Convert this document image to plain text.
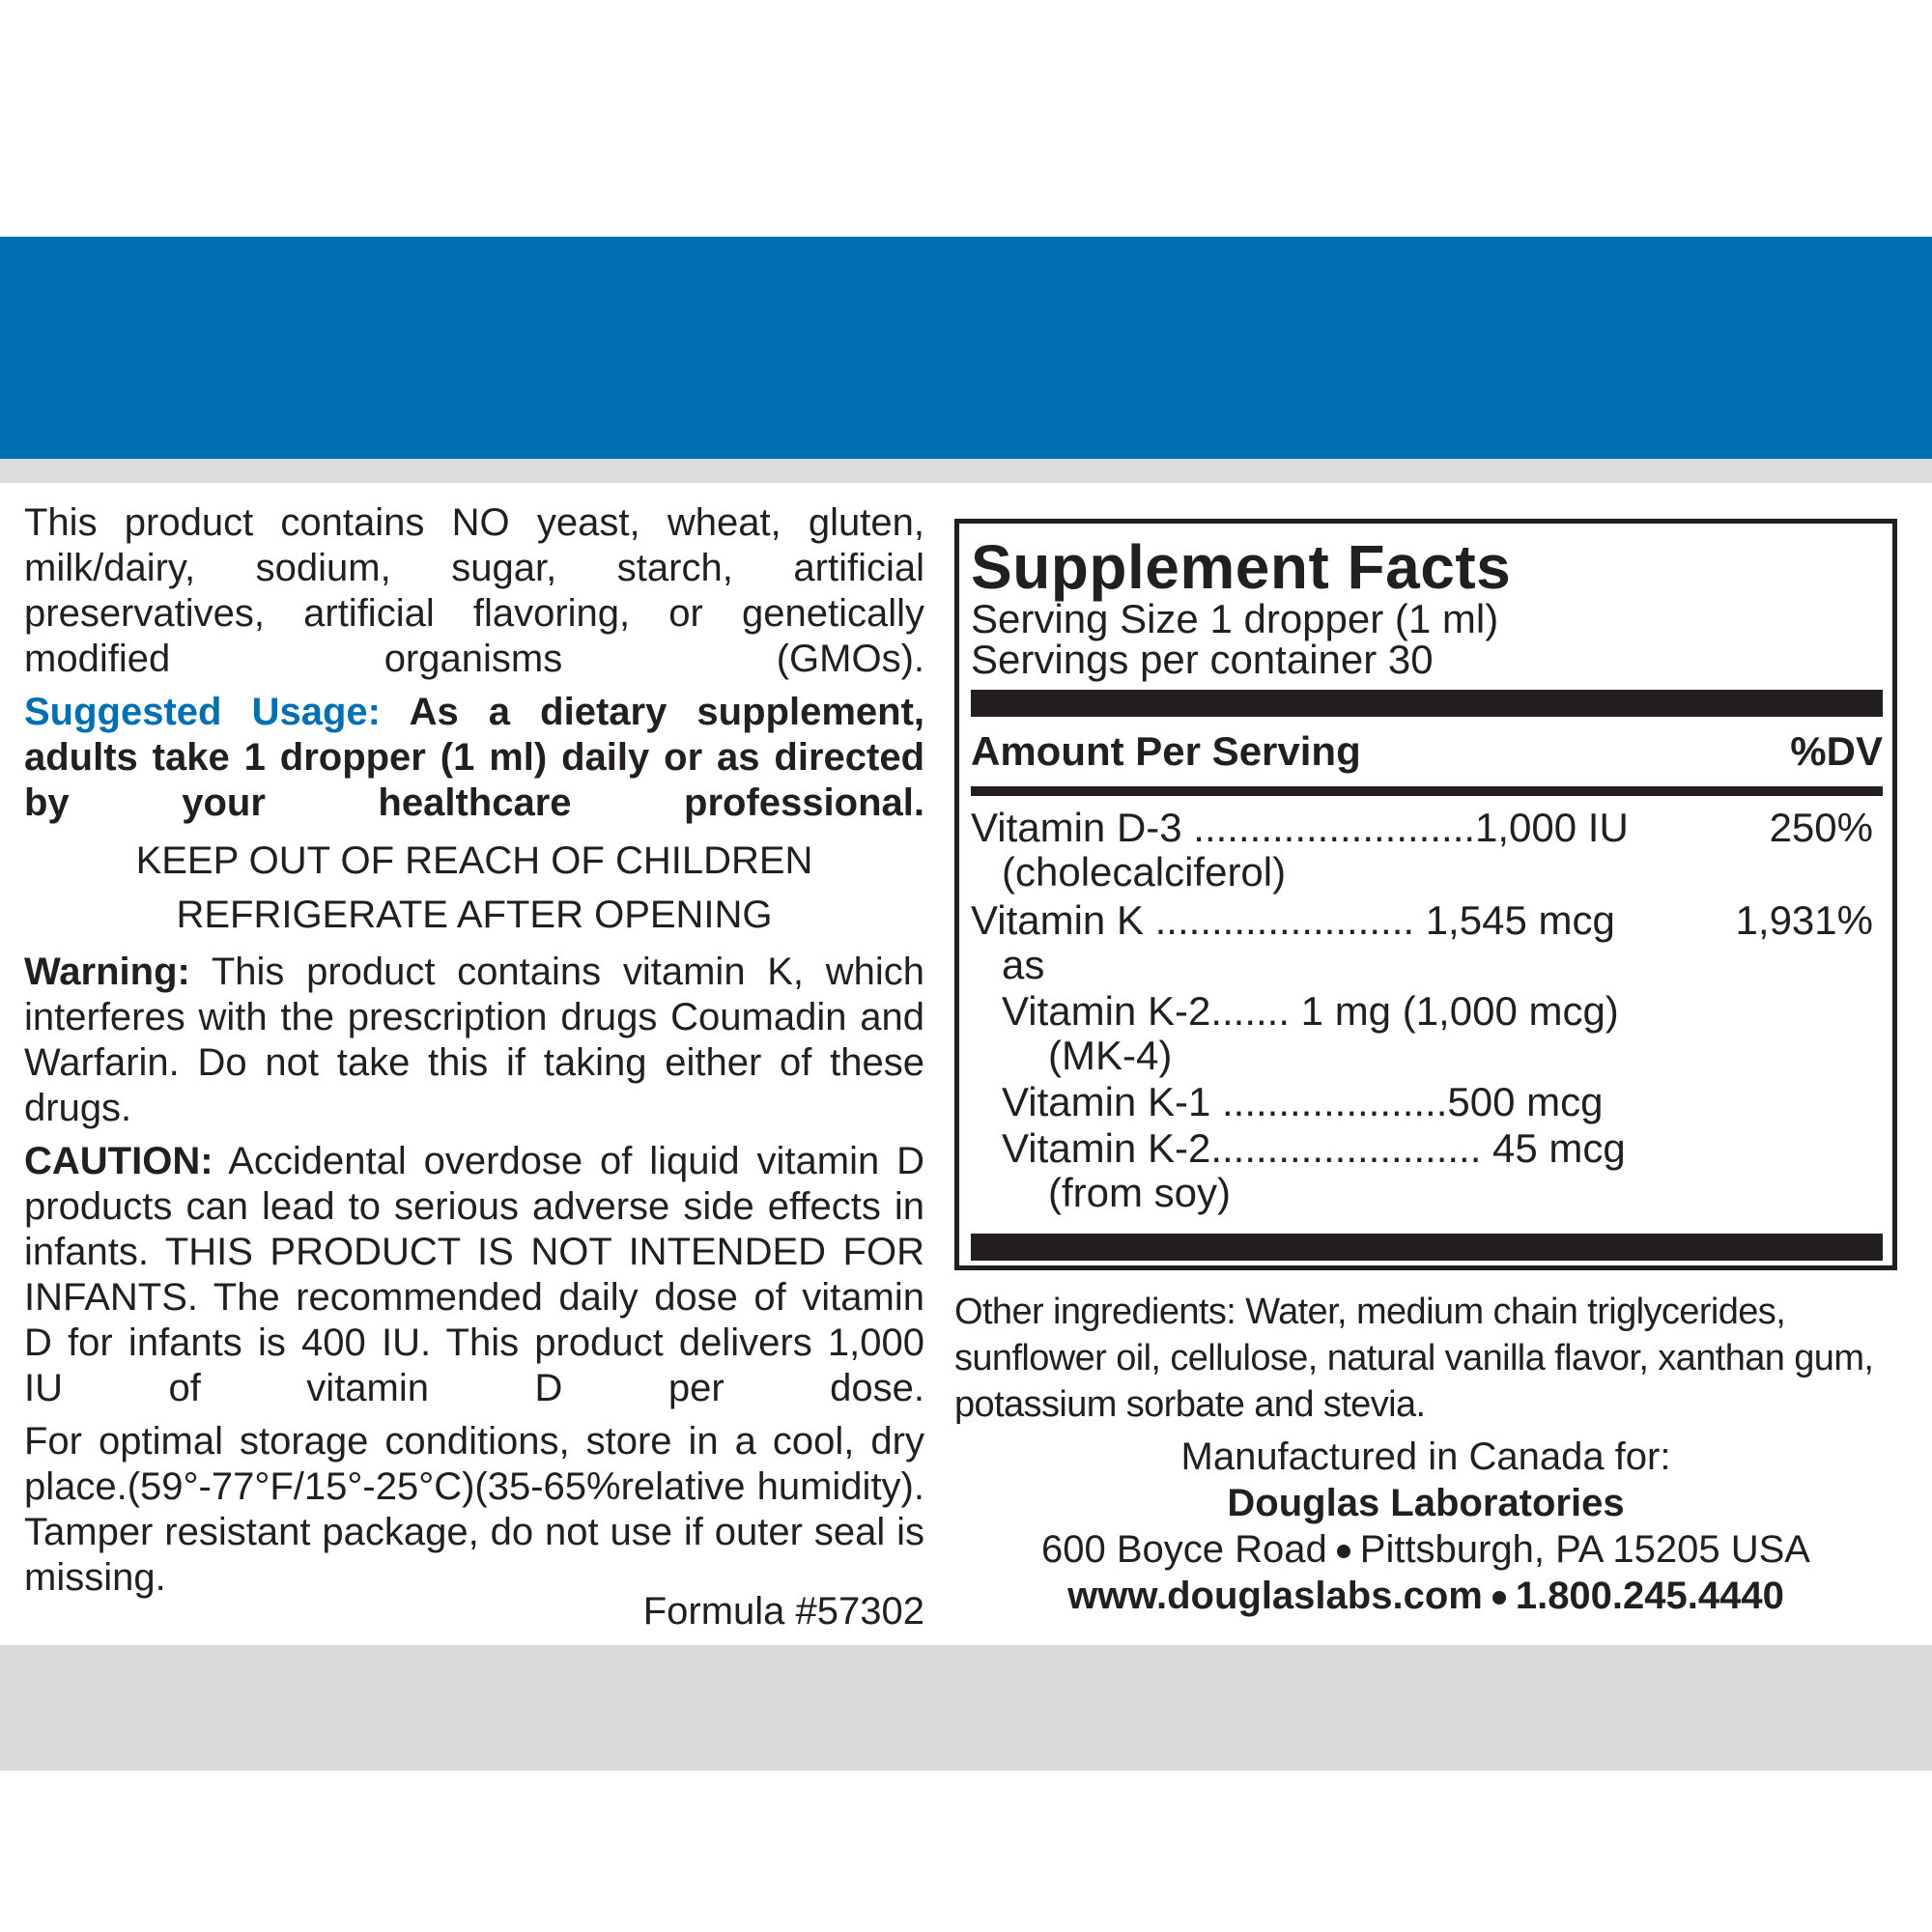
This product contains NO yeast, wheat, gluten, milk/dairy, sodium, sugar, starch, artificial preservatives, artificial flavoring, or genetically modified organisms (GMOs).

Suggested Usage: As a dietary supplement, adults take 1 dropper (1 ml) daily or as directed by your healthcare professional.

KEEP OUT OF REACH OF CHILDREN

REFRIGERATE AFTER OPENING

Warning: This product contains vitamin K, which interferes with the prescription drugs Coumadin and Warfarin. Do not take this if taking either of these drugs.

CAUTION: Accidental overdose of liquid vitamin D products can lead to serious adverse side effects in infants. THIS PRODUCT IS NOT INTENDED FOR INFANTS. The recommended daily dose of vitamin D for infants is 400 IU. This product delivers 1,000 IU of vitamin D per dose.

For optimal storage conditions, store in a cool, dry place.(59°-77°F/15°-25°C)(35-65%relative humidity). Tamper resistant package, do not use if outer seal is missing.

Formula #57302
Supplement Facts
Serving Size 1 dropper (1 ml)
Servings per container 30
Amount Per Serving	%DV
Vitamin D-3 .........................1,000 IU	250%
(cholecalciferol)
Vitamin K ....................... 1,545 mcg	1,931%
as
Vitamin K-2....... 1 mg (1,000 mcg)
(MK-4)
Vitamin K-1 ....................500 mcg
Vitamin K-2........................ 45 mcg
(from soy)

Other ingredients: Water, medium chain triglycerides, sunflower oil, cellulose, natural vanilla flavor, xanthan gum, potassium sorbate and stevia.

Manufactured in Canada for:

Douglas Laboratories

600 Boyce Road Pittsburgh, PA 15205 USA

www.douglaslabs.com 1.800.245.4440
